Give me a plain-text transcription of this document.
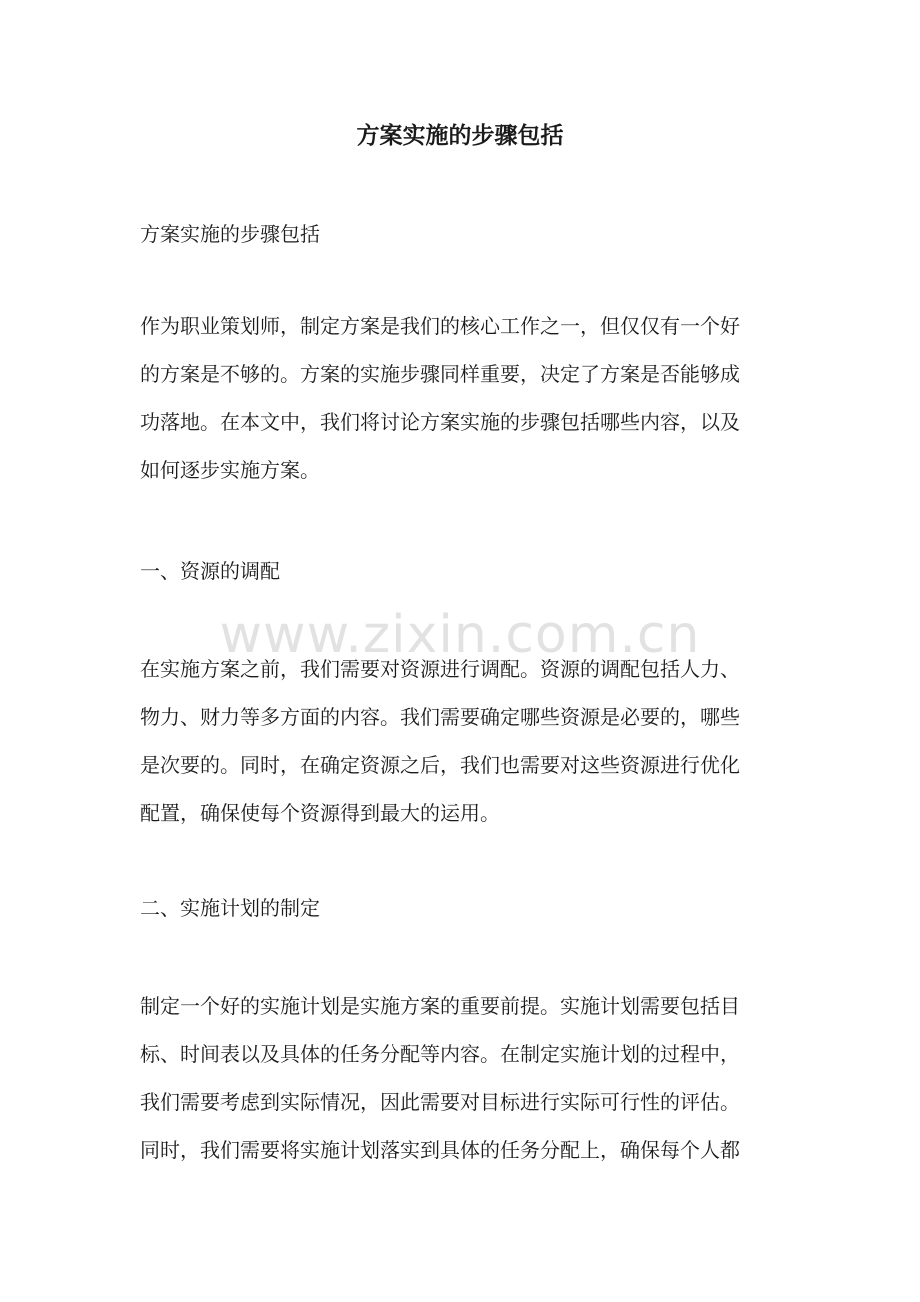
方案实施的步骤包括

方案实施的步骤包括

作为职业策划师，制定方案是我们的核心工作之一，但仅仅有一个好
的方案是不够的。方案的实施步骤同样重要，决定了方案是否能够成
功落地。在本文中，我们将讨论方案实施的步骤包括哪些内容，以及
如何逐步实施方案。

一、资源的调配

在实施方案之前，我们需要对资源进行调配。资源的调配包括人力、
物力、财力等多方面的内容。我们需要确定哪些资源是必要的，哪些
是次要的。同时，在确定资源之后，我们也需要对这些资源进行优化
配置，确保使每个资源得到最大的运用。

二、实施计划的制定

制定一个好的实施计划是实施方案的重要前提。实施计划需要包括目
标、时间表以及具体的任务分配等内容。在制定实施计划的过程中，
我们需要考虑到实际情况，因此需要对目标进行实际可行性的评估。
同时，我们需要将实施计划落实到具体的任务分配上，确保每个人都

www.zixin.com.cn
